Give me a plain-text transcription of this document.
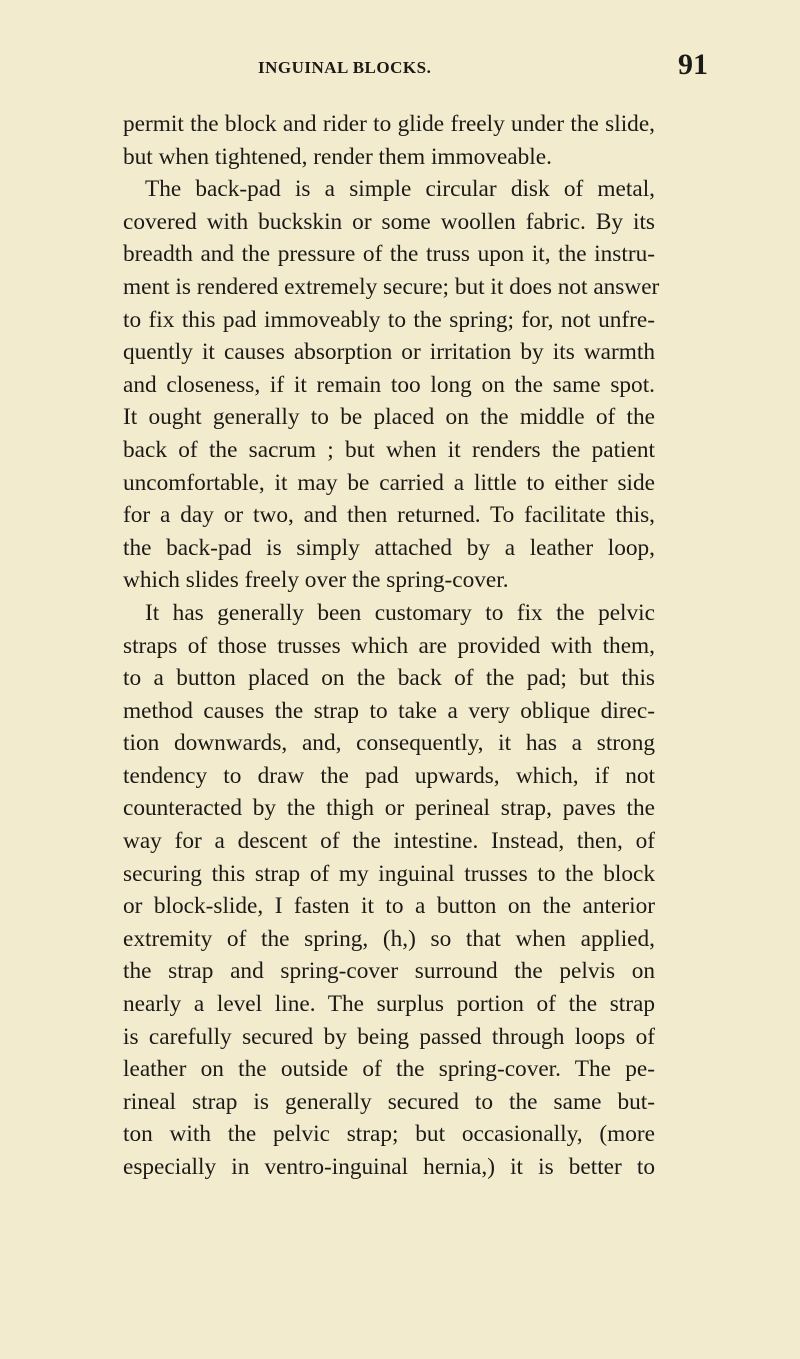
INGUINAL BLOCKS.	91
permit the block and rider to glide freely under the slide,
but when tightened, render them immoveable.
The back-pad is a simple circular disk of metal,
covered with buckskin or some woollen fabric. By its
breadth and the pressure of the truss upon it, the instru-
ment is rendered extremely secure; but it does not answer
to fix this pad immoveably to the spring; for, not unfre-
quently it causes absorption or irritation by its warmth
and closeness, if it remain too long on the same spot.
It ought generally to be placed on the middle of the
back of the sacrum ; but when it renders the patient
uncomfortable, it may be carried a little to either side
for a day or two, and then returned. To facilitate this,
the back-pad is simply attached by a leather loop,
which slides freely over the spring-cover.
It has generally been customary to fix the pelvic
straps of those trusses which are provided with them,
to a button placed on the back of the pad; but this
method causes the strap to take a very oblique direc-
tion downwards, and, consequently, it has a strong
tendency to draw the pad upwards, which, if not
counteracted by the thigh or perineal strap, paves the
way for a descent of the intestine. Instead, then, of
securing this strap of my inguinal trusses to the block
or block-slide, I fasten it to a button on the anterior
extremity of the spring, (h,) so that when applied,
the strap and spring-cover surround the pelvis on
nearly a level line. The surplus portion of the strap
is carefully secured by being passed through loops of
leather on the outside of the spring-cover. The pe-
rineal strap is generally secured to the same but-
ton with the pelvic strap; but occasionally, (more
especially in ventro-inguinal hernia,) it is better to
